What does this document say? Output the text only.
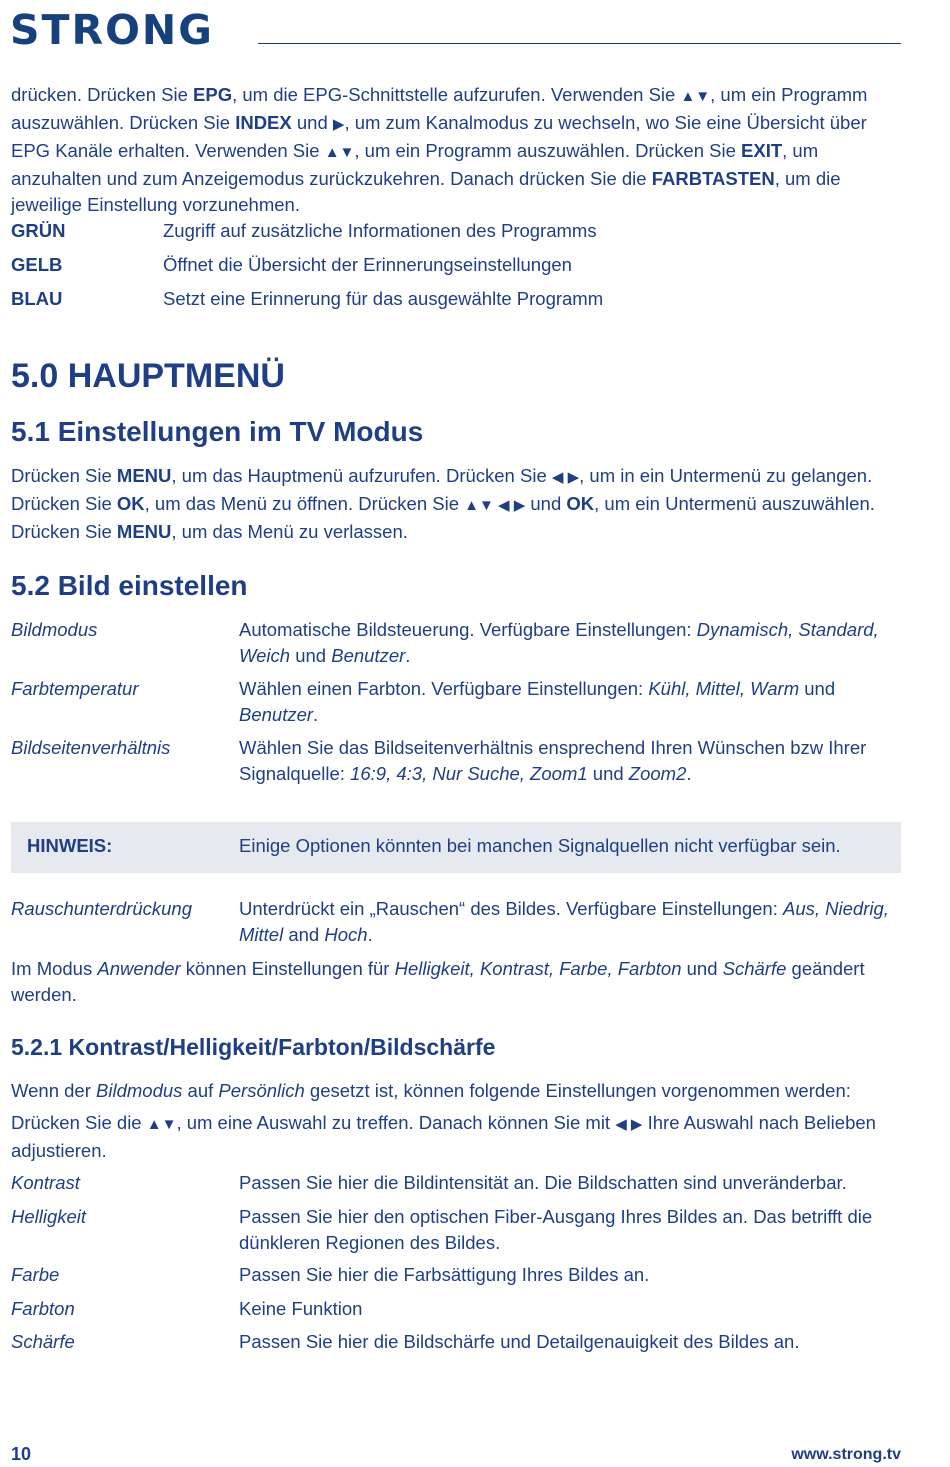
STRОNG
drücken. Drücken Sie EPG, um die EPG-Schnittstelle aufzurufen. Verwenden Sie ▲▼, um ein Programm auszuwählen. Drücken Sie INDEX und ▶, um zum Kanalmodus zu wechseln, wo Sie eine Übersicht über EPG Kanäle erhalten. Verwenden Sie ▲▼, um ein Programm auszuwählen. Drücken Sie EXIT, um anzuhalten und zum Anzeigemodus zurückzukehren. Danach drücken Sie die FARBTASTEN, um die jeweilige Einstellung vorzunehmen.
GRÜN	Zugriff auf zusätzliche Informationen des Programms
GELB	Öffnet die Übersicht der Erinnerungseinstellungen
BLAU	Setzt eine Erinnerung für das ausgewählte Programm
5.0 HAUPTMENÜ
5.1 Einstellungen im TV Modus
Drücken Sie MENU, um das Hauptmenü aufzurufen. Drücken Sie ◀ ▶, um in ein Untermenü zu gelangen. Drücken Sie OK, um das Menü zu öffnen. Drücken Sie ▲▼ ◀ ▶ und OK, um ein Untermenü auszuwählen. Drücken Sie MENU, um das Menü zu verlassen.
5.2 Bild einstellen
Bildmodus	Automatische Bildsteuerung. Verfügbare Einstellungen: Dynamisch, Standard, Weich und Benutzer.
Farbtemperatur	Wählen einen Farbton. Verfügbare Einstellungen: Kühl, Mittel, Warm und Benutzer.
Bildseitenverhältnis	Wählen Sie das Bildseitenverhältnis ensprechend Ihren Wünschen bzw Ihrer Signalquelle: 16:9, 4:3, Nur Suche, Zoom1 und Zoom2.
HINWEIS:	Einige Optionen könnten bei manchen Signalquellen nicht verfügbar sein.
Rauschunterdrückung	Unterdrückt ein „Rauschen“ des Bildes. Verfügbare Einstellungen: Aus, Niedrig, Mittel and Hoch.
Im Modus Anwender können Einstellungen für Helligkeit, Kontrast, Farbe, Farbton und Schärfe geändert werden.
5.2.1 Kontrast/Helligkeit/Farbton/Bildschärfe
Wenn der Bildmodus auf Persönlich gesetzt ist, können folgende Einstellungen vorgenommen werden:
Drücken Sie die ▲▼, um eine Auswahl zu treffen. Danach können Sie mit ◀ ▶ Ihre Auswahl nach Belieben adjustieren.
Kontrast	Passen Sie hier die Bildintensität an. Die Bildschatten sind unveränderbar.
Helligkeit	Passen Sie hier den optischen Fiber-Ausgang Ihres Bildes an. Das betrifft die dünkleren Regionen des Bildes.
Farbe	Passen Sie hier die Farbsättigung Ihres Bildes an.
Farbton	Keine Funktion
Schärfe	Passen Sie hier die Bildschärfe und Detailgenauigkeit des Bildes an.
10	www.strong.tv
